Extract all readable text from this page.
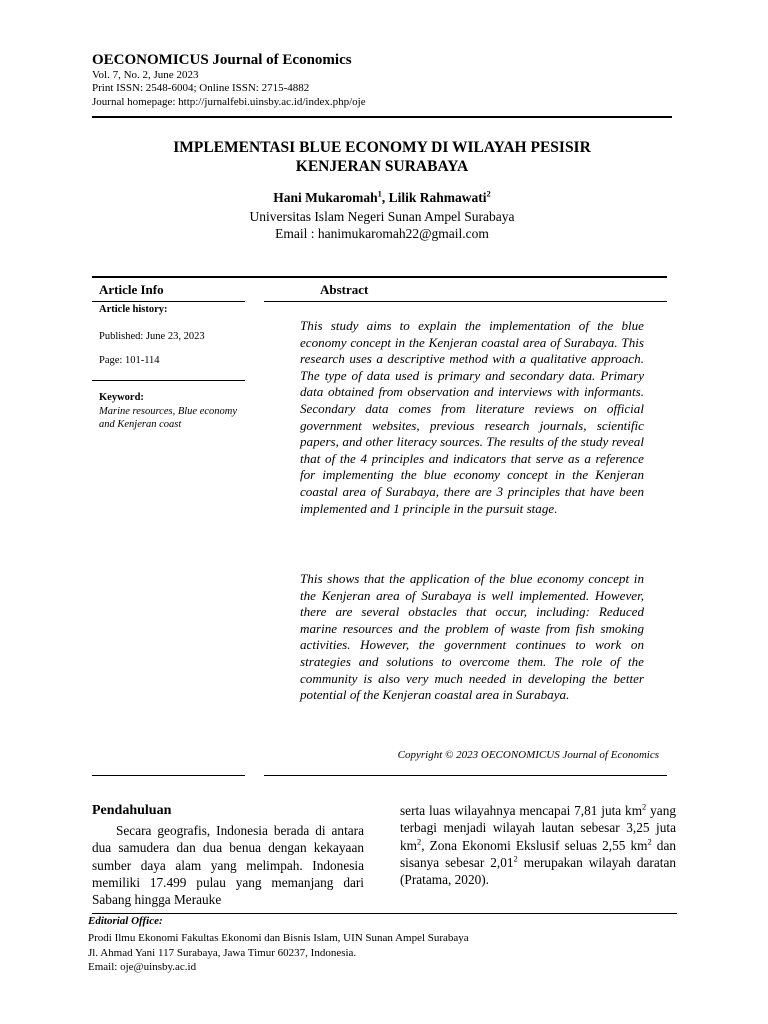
OECONOMICUS Journal of Economics
Vol. 7, No. 2, June 2023
Print ISSN: 2548-6004; Online ISSN: 2715-4882
Journal homepage: http://jurnalfebi.uinsby.ac.id/index.php/oje
IMPLEMENTASI BLUE ECONOMY DI WILAYAH PESISIR
KENJERAN SURABAYA
Hani Mukaromah$^1$, Lilik Rahmawati$^2$
Universitas Islam Negeri Sunan Ampel Surabaya
Email : hanimukaromah22@gmail.com
Article Info	Abstract
Article history:
Published: June 23, 2023
Page: 101-114
Keyword:
Marine resources, Blue economy and Kenjeran coast
This study aims to explain the implementation of the blue economy concept in the Kenjeran coastal area of Surabaya. This research uses a descriptive method with a qualitative approach. The type of data used is primary and secondary data. Primary data obtained from observation and interviews with informants. Secondary data comes from literature reviews on official government websites, previous research journals, scientific papers, and other literacy sources. The results of the study reveal that of the 4 principles and indicators that serve as a reference for implementing the blue economy concept in the Kenjeran coastal area of Surabaya, there are 3 principles that have been implemented and 1 principle in the pursuit stage.
This shows that the application of the blue economy concept in the Kenjeran area of Surabaya is well implemented. However, there are several obstacles that occur, including: Reduced marine resources and the problem of waste from fish smoking activities. However, the government continues to work on strategies and solutions to overcome them. The role of the community is also very much needed in developing the better potential of the Kenjeran coastal area in Surabaya.
Copyright © 2023 OECONOMICUS Journal of Economics
Pendahuluan
Secara geografis, Indonesia berada di antara dua samudera dan dua benua dengan kekayaan sumber daya alam yang melimpah. Indonesia memiliki 17.499 pulau yang memanjang dari Sabang hingga Merauke
serta luas wilayahnya mencapai 7,81 juta $km^2$ yang terbagi menjadi wilayah lautan sebesar 3,25 juta $km^2$, Zona Ekonomi Ekslusif seluas 2,55 $km^2$ dan sisanya sebesar 2,01$^2$ merupakan wilayah daratan (Pratama, 2020).
Editorial Office:
Prodi Ilmu Ekonomi Fakultas Ekonomi dan Bisnis Islam, UIN Sunan Ampel Surabaya
Jl. Ahmad Yani 117 Surabaya, Jawa Timur 60237, Indonesia.
Email: oje@uinsby.ac.id
